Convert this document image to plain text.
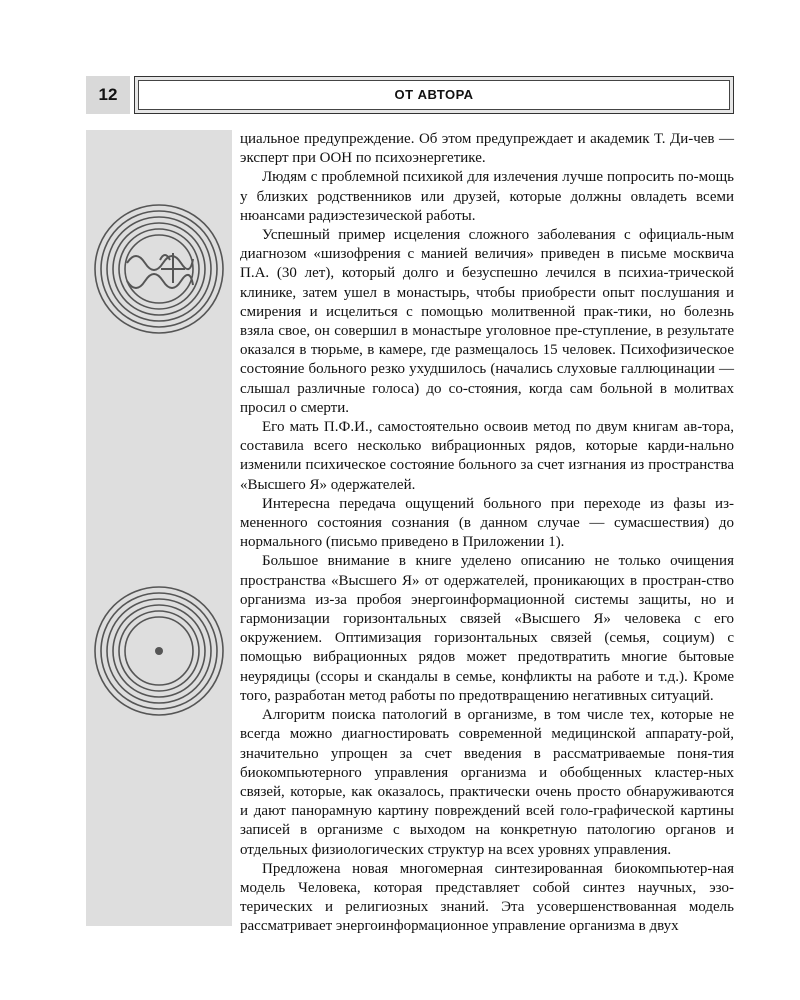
12	ОТ АВТОРА

циальное предупреждение. Об этом предупреждает и академик Т. Ди-чев — эксперт при ООН по психоэнергетике.

Людям с проблемной психикой для излечения лучше попросить по-мощь у близких родственников или друзей, которые должны овладеть всеми нюансами радиэстезической работы.

Успешный пример исцеления сложного заболевания с официаль-ным диагнозом «шизофрения с манией величия» приведен в письме москвича П.А. (30 лет), который долго и безуспешно лечился в психиа-трической клинике, затем ушел в монастырь, чтобы приобрести опыт послушания и смирения и исцелиться с помощью молитвенной прак-тики, но болезнь взяла свое, он совершил в монастыре уголовное пре-ступление, в результате оказался в тюрьме, в камере, где размещалось 15 человек. Психофизическое состояние больного резко ухудшилось (начались слуховые галлюцинации — слышал различные голоса) до со-стояния, когда сам больной в молитвах просил о смерти.

Его мать П.Ф.И., самостоятельно освоив метод по двум книгам ав-тора, составила всего несколько вибрационных рядов, которые карди-нально изменили психическое состояние больного за счет изгнания из пространства «Высшего Я» одержателей.

Интересна передача ощущений больного при переходе из фазы из-мененного состояния сознания (в данном случае — сумасшествия) до нормального (письмо приведено в Приложении 1).

Большое внимание в книге уделено описанию не только очищения пространства «Высшего Я» от одержателей, проникающих в простран-ство организма из-за пробоя энергоинформационной системы защиты, но и гармонизации горизонтальных связей «Высшего Я» человека с его окружением. Оптимизация горизонтальных связей (семья, социум) с помощью вибрационных рядов может предотвратить многие бытовые неурядицы (ссоры и скандалы в семье, конфликты на работе и т.д.). Кроме того, разработан метод работы по предотвращению негативных ситуаций.

Алгоритм поиска патологий в организме, в том числе тех, которые не всегда можно диагностировать современной медицинской аппарату-рой, значительно упрощен за счет введения в рассматриваемые поня-тия биокомпьютерного управления организма и обобщенных кластер-ных связей, которые, как оказалось, практически очень просто обнаруживаются и дают панорамную картину повреждений всей голо-графической картины записей в организме с выходом на конкретную патологию органов и отдельных физиологических структур на всех уровнях управления.

Предложена новая многомерная синтезированная биокомпьютер-ная модель Человека, которая представляет собой синтез научных, эзо-терических и религиозных знаний. Эта усовершенствованная модель рассматривает энергоинформационное управление организма в двух
